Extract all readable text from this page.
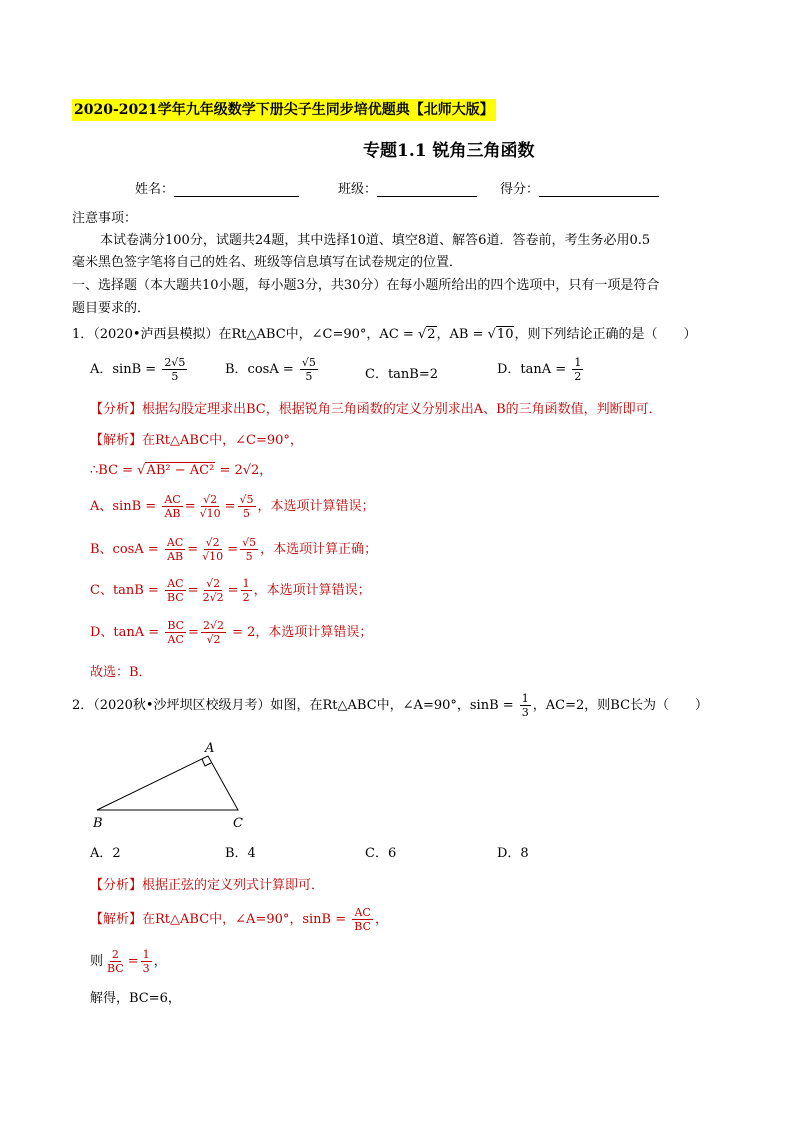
2020-2021学年九年级数学下册尖子生同步培优题典【北师大版】
专题1.1 锐角三角函数
姓名：	班级：	得分：
注意事项：
本试卷满分100分，试题共24题，其中选择10道、填空8道、解答6道．答卷前，考生务必用0.5
毫米黑色签字笔将自己的姓名、班级等信息填写在试卷规定的位置．
一、选择题（本大题共10小题，每小题3分，共30分）在每小题所给出的四个选项中，只有一项是符合
题目要求的．
1．（2020•泸西县模拟）在Rt△ABC中，∠C=90°，AC = √2，AB = √10，则下列结论正确的是（　　）
A．$\sin B = \frac{2√5}{5}$	B．$\cos A = \frac{√5}{5}$	C．tanB=2	D．$\tan A = \frac{1}{2}$
【分析】根据勾股定理求出BC，根据锐角三角函数的定义分别求出A、B的三角函数值，判断即可．
【解析】在Rt△ABC中，∠C=90°，
∴BC = √AB² − AC² = 2√2，
A、$\sin B = \frac{AC}{AB} = \frac{√2}{√10} = \frac{√5}{5}$ ，本选项计算错误；
B、$\cos A = \frac{AC}{AB} = \frac{√2}{√10} = \frac{√5}{5}$ ，本选项计算正确；
C、$\tan B = \frac{AC}{BC} = \frac{√2}{2√2} = \frac{1}{2}$ ，本选项计算错误；
D、$\tan A = \frac{BC}{AC} = \frac{2√2}{√2} = 2$，本选项计算错误；
故选：B．
2．（2020秋•沙坪坝区校级月考）如图，在Rt△ABC中，∠A=90°，$\sin B = \frac{1}{3}$ ，AC=2，则BC长为（　　）
A
B	C
A．2	B．4	C．6	D．8
【分析】根据正弦的定义列式计算即可．
【解析】在Rt△ABC中，∠A=90°，$\sin B = \frac{AC}{BC}$ ，
则 $\frac{2}{BC} = \frac{1}{3}$ ，
解得，BC=6，
